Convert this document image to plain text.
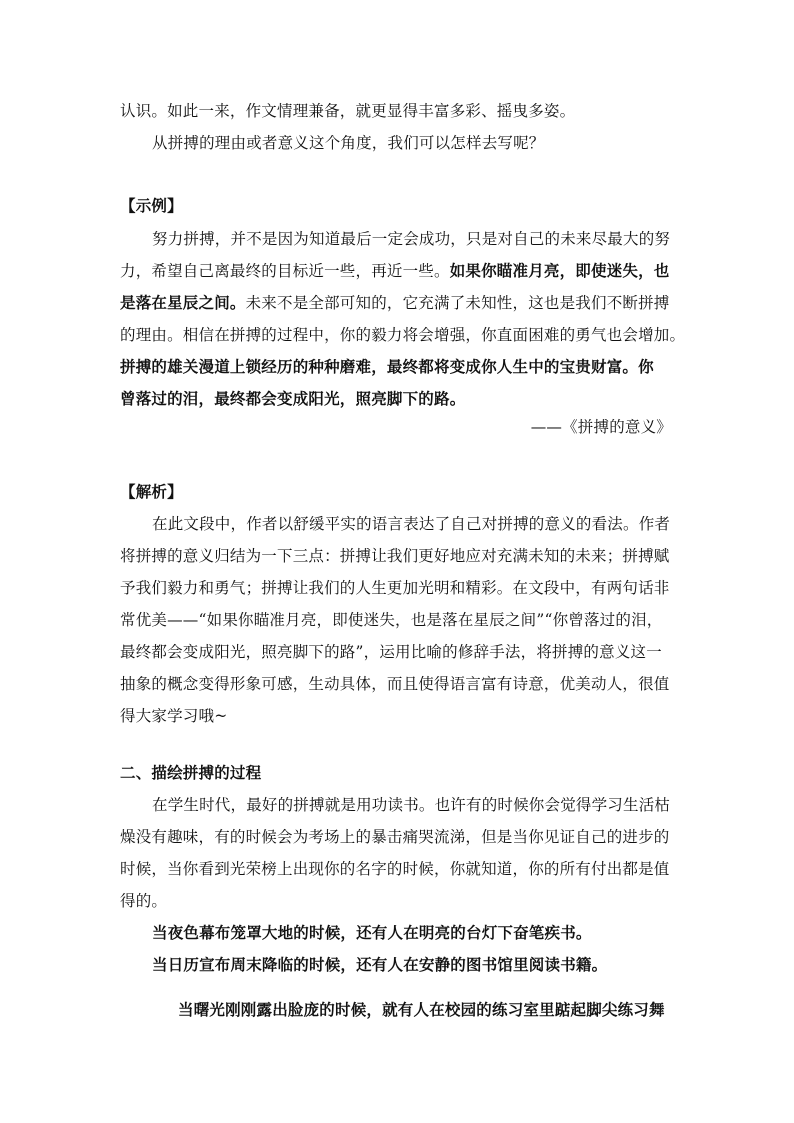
认识。如此一来，作文情理兼备，就更显得丰富多彩、摇曳多姿。
从拼搏的理由或者意义这个角度，我们可以怎样去写呢？
【示例】
努力拼搏，并不是因为知道最后一定会成功，只是对自己的未来尽最大的努
力，希望自己离最终的目标近一些，再近一些。如果你瞄准月亮，即使迷失，也
是落在星辰之间。未来不是全部可知的，它充满了未知性，这也是我们不断拼搏
的理由。相信在拼搏的过程中，你的毅力将会增强，你直面困难的勇气也会增加。
拼搏的雄关漫道上锁经历的种种磨难，最终都将变成你人生中的宝贵财富。你
曾落过的泪，最终都会变成阳光，照亮脚下的路。
——《拼搏的意义》
【解析】
在此文段中，作者以舒缓平实的语言表达了自己对拼搏的意义的看法。作者
将拼搏的意义归结为一下三点：拼搏让我们更好地应对充满未知的未来；拼搏赋
予我们毅力和勇气；拼搏让我们的人生更加光明和精彩。在文段中，有两句话非
常优美——“如果你瞄准月亮，即使迷失，也是落在星辰之间”“你曾落过的泪，
最终都会变成阳光，照亮脚下的路”，运用比喻的修辞手法，将拼搏的意义这一
抽象的概念变得形象可感，生动具体，而且使得语言富有诗意，优美动人，很值
得大家学习哦~
二、描绘拼搏的过程
在学生时代，最好的拼搏就是用功读书。也许有的时候你会觉得学习生活枯
燥没有趣味，有的时候会为考场上的暴击痛哭流涕，但是当你见证自己的进步的
时候，当你看到光荣榜上出现你的名字的时候，你就知道，你的所有付出都是值
得的。
当夜色幕布笼罩大地的时候，还有人在明亮的台灯下奋笔疾书。
当日历宣布周末降临的时候，还有人在安静的图书馆里阅读书籍。
当曙光刚刚露出脸庞的时候，就有人在校园的练习室里踮起脚尖练习舞
